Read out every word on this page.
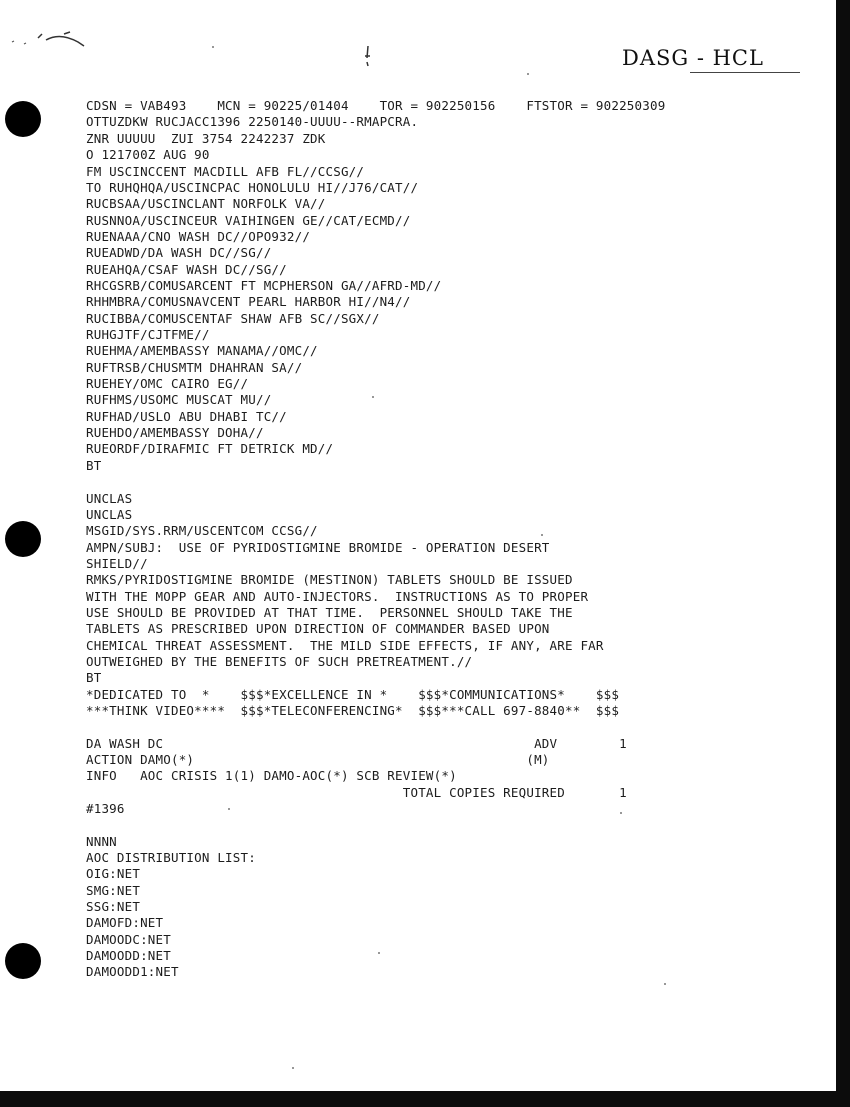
DASG - HCL
CDSN = VAB493    MCN = 90225/01404    TOR = 902250156    FTSTOR = 902250309
OTTUZDKW RUCJACC1396 2250140-UUUU--RMAPCRA.
ZNR UUUUU  ZUI 3754 2242237 ZDK
O 121700Z AUG 90
FM USCINCCENT MACDILL AFB FL//CCSG//
TO RUHQHQA/USCINCPAC HONOLULU HI//J76/CAT//
RUCBSAA/USCINCLANT NORFOLK VA//
RUSNNOA/USCINCEUR VAIHINGEN GE//CAT/ECMD//
RUENAAA/CNO WASH DC//OPO932//
RUEADWD/DA WASH DC//SG//
RUEAHQA/CSAF WASH DC//SG//
RHCGSRB/COMUSARCENT FT MCPHERSON GA//AFRD-MD//
RHHMBRA/COMUSNAVCENT PEARL HARBOR HI//N4//
RUCIBBA/COMUSCENTAF SHAW AFB SC//SGX//
RUHGJTF/CJTFME//
RUEHMA/AMEMBASSY MANAMA//OMC//
RUFTRSB/CHUSMTM DHAHRAN SA//
RUEHEY/OMC CAIRO EG//
RUFHMS/USOMC MUSCAT MU//
RUFHAD/USLO ABU DHABI TC//
RUEHDO/AMEMBASSY DOHA//
RUEORDF/DIRAFMIC FT DETRICK MD//
BT
UNCLAS
UNCLAS
MSGID/SYS.RRM/USCENTCOM CCSG//
AMPN/SUBJ:  USE OF PYRIDOSTIGMINE BROMIDE - OPERATION DESERT
SHIELD//
RMKS/PYRIDOSTIGMINE BROMIDE (MESTINON) TABLETS SHOULD BE ISSUED
WITH THE MOPP GEAR AND AUTO-INJECTORS.  INSTRUCTIONS AS TO PROPER
USE SHOULD BE PROVIDED AT THAT TIME.  PERSONNEL SHOULD TAKE THE
TABLETS AS PRESCRIBED UPON DIRECTION OF COMMANDER BASED UPON
CHEMICAL THREAT ASSESSMENT.  THE MILD SIDE EFFECTS, IF ANY, ARE FAR
OUTWEIGHED BY THE BENEFITS OF SUCH PRETREATMENT.//
BT
*DEDICATED TO  *    $$$*EXCELLENCE IN *    $$$*COMMUNICATIONS*    $$$
***THINK VIDEO****  $$$*TELECONFERENCING*  $$$***CALL 697-8840**  $$$
DA WASH DC                                                ADV        1
ACTION DAMO(*)                                           (M)
INFO   AOC CRISIS 1(1) DAMO-AOC(*) SCB REVIEW(*)
TOTAL COPIES REQUIRED       1
#1396
NNNN
AOC DISTRIBUTION LIST:
OIG:NET
SMG:NET
SSG:NET
DAMOFD:NET
DAMOODC:NET
DAMOODD:NET
DAMOODD1:NET
